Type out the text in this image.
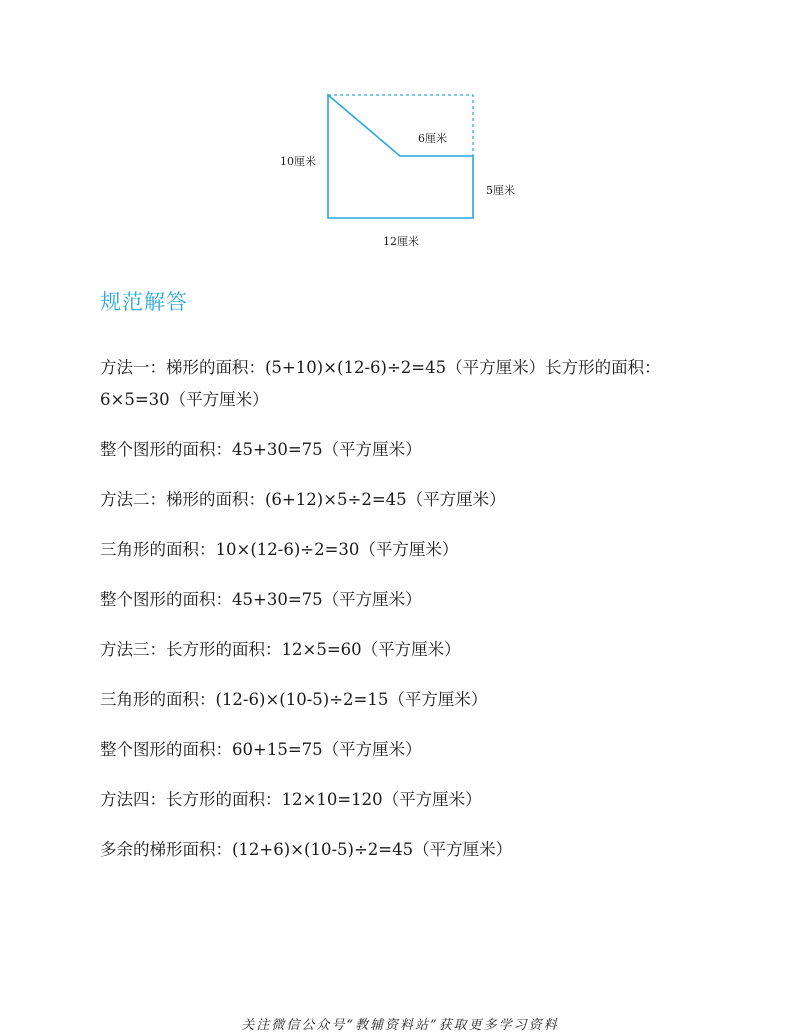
10厘米
6厘米
5厘米
12厘米
规范解答

方法一：梯形的面积：(5+10)×(12-6)÷2=45（平方厘米）长方形的面积：6×5=30（平方厘米）

整个图形的面积：45+30=75（平方厘米）

方法二：梯形的面积：(6+12)×5÷2=45（平方厘米）

三角形的面积：10×(12-6)÷2=30（平方厘米）

整个图形的面积：45+30=75（平方厘米）

方法三：长方形的面积：12×5=60（平方厘米）

三角形的面积：(12-6)×(10-5)÷2=15（平方厘米）

整个图形的面积：60+15=75（平方厘米）

方法四：长方形的面积：12×10=120（平方厘米）

多余的梯形面积：(12+6)×(10-5)÷2=45（平方厘米）

关注微信公众号“教辅资料站”获取更多学习资料
